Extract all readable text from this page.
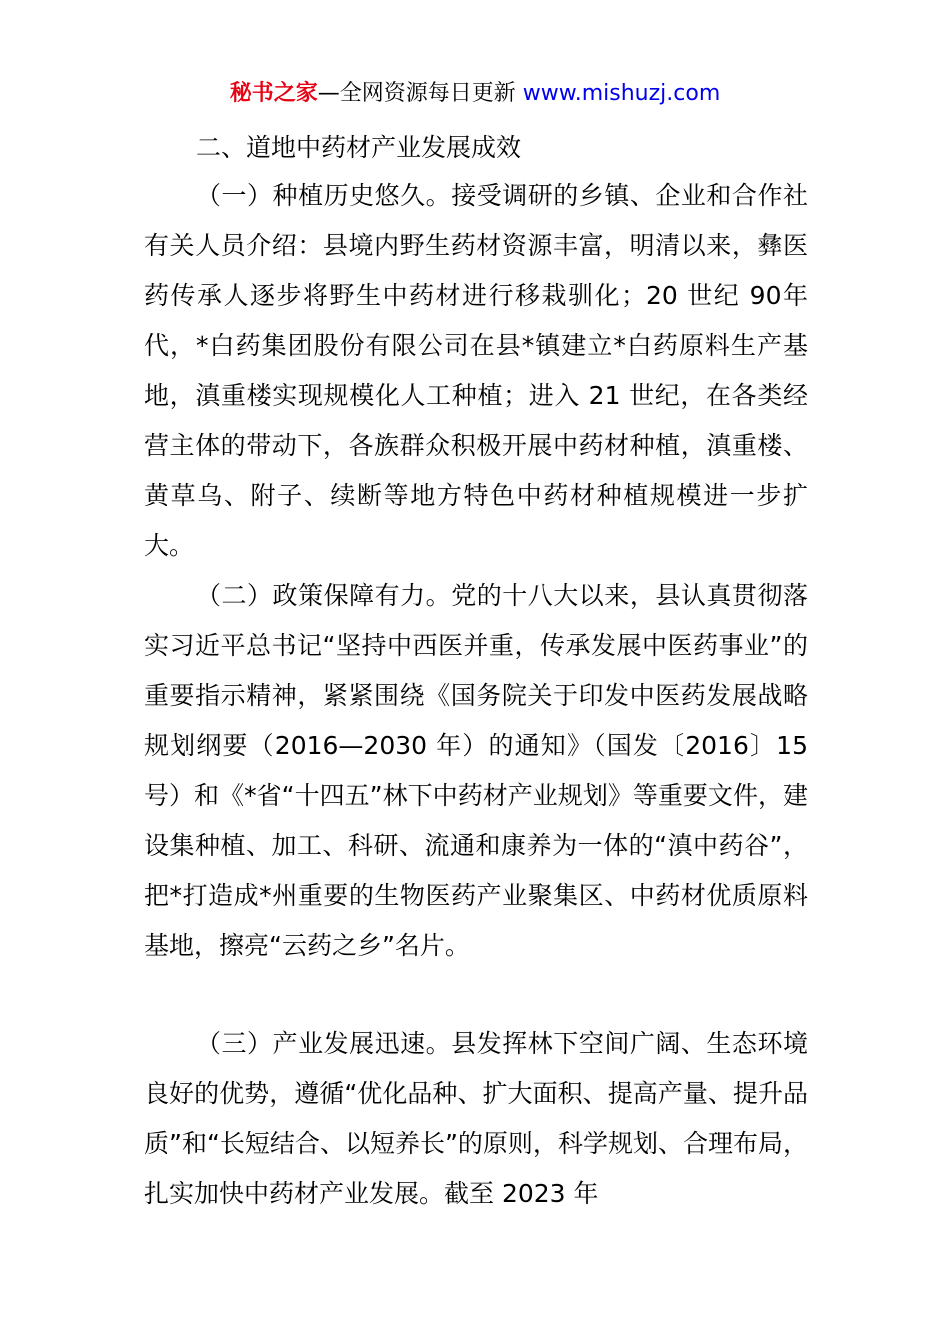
秘书之家—全网资源每日更新 www.mishuzj.com
二、道地中药材产业发展成效

（一）种植历史悠久。接受调研的乡镇、企业和合作社有关人员介绍：县境内野生药材资源丰富，明清以来，彝医药传承人逐步将野生中药材进行移栽驯化；20 世纪 90年代，*白药集团股份有限公司在县*镇建立*白药原料生产基地，滇重楼实现规模化人工种植；进入 21 世纪，在各类经营主体的带动下，各族群众积极开展中药材种植，滇重楼、黄草乌、附子、续断等地方特色中药材种植规模进一步扩大。

（二）政策保障有力。党的十八大以来，县认真贯彻落实习近平总书记“坚持中西医并重，传承发展中医药事业”的重要指示精神，紧紧围绕《国务院关于印发中医药发展战略规划纲要（2016—2030 年）的通知》（国发〔2016〕15 号）和《*省“十四五”林下中药材产业规划》等重要文件，建设集种植、加工、科研、流通和康养为一体的“滇中药谷”，把*打造成*州重要的生物医药产业聚集区、中药材优质原料基地，擦亮“云药之乡”名片。

（三）产业发展迅速。县发挥林下空间广阔、生态环境良好的优势，遵循“优化品种、扩大面积、提高产量、提升品质”和“长短结合、以短养长”的原则，科学规划、合理布局，扎实加快中药材产业发展。截至 2023 年
